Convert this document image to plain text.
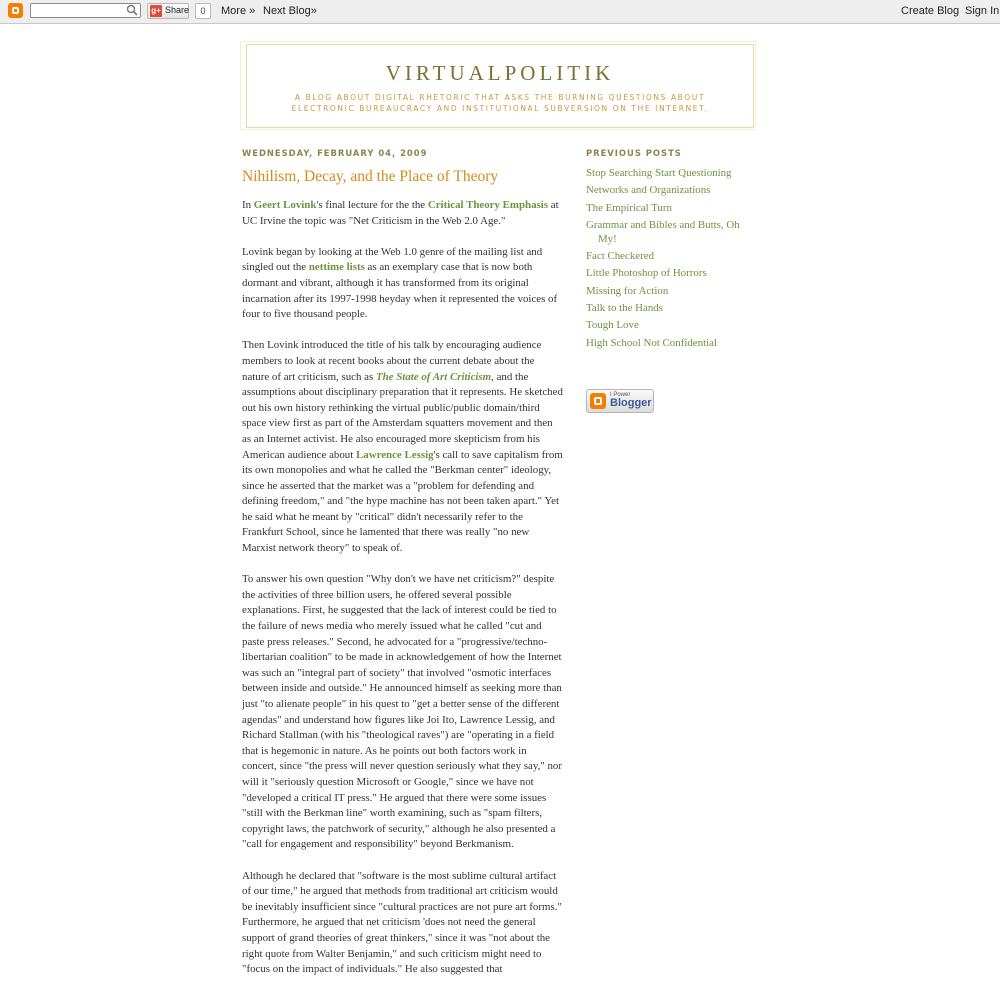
g+ Share	0	More » Next Blog»	Create Blog Sign In
VIRTUALPOLITIK
A BLOG ABOUT DIGITAL RHETORIC THAT ASKS THE BURNING QUESTIONS ABOUT ELECTRONIC BUREAUCRACY AND INSTITUTIONAL SUBVERSION ON THE INTERNET.
WEDNESDAY, FEBRUARY 04, 2009
Nihilism, Decay, and the Place of Theory

In Geert Lovink's final lecture for the the Critical Theory Emphasis at UC Irvine the topic was "Net Criticism in the Web 2.0 Age."

Lovink began by looking at the Web 1.0 genre of the mailing list and singled out the nettime lists as an exemplary case that is now both dormant and vibrant, although it has transformed from its original incarnation after its 1997-1998 heyday when it represented the voices of four to five thousand people.

Then Lovink introduced the title of his talk by encouraging audience members to look at recent books about the current debate about the nature of art criticism, such as The State of Art Criticism, and the assumptions about disciplinary preparation that it represents. He sketched out his own history rethinking the virtual public/public domain/third space view first as part of the Amsterdam squatters movement and then as an Internet activist. He also encouraged more skepticism from his American audience about Lawrence Lessig's call to save capitalism from its own monopolies and what he called the "Berkman center" ideology, since he asserted that the market was a "problem for defending and defining freedom," and "the hype machine has not been taken apart." Yet he said what he meant by "critical" didn't necessarily refer to the Frankfurt School, since he lamented that there was really "no new Marxist network theory" to speak of.

To answer his own question "Why don't we have net criticism?" despite the activities of three billion users, he offered several possible explanations. First, he suggested that the lack of interest could be tied to the failure of news media who merely issued what he called "cut and paste press releases." Second, he advocated for a "progressive/techno-libertarian coalition" to be made in acknowledgement of how the Internet was such an "integral part of society" that involved "osmotic interfaces between inside and outside." He announced himself as seeking more than just "to alienate people" in his quest to "get a better sense of the different agendas" and understand how figures like Joi Ito, Lawrence Lessig, and Richard Stallman (with his "theological raves") are "operating in a field that is hegemonic in nature. As he points out both factors work in concert, since "the press will never question seriously what they say," nor will it "seriously question Microsoft or Google," since we have not "developed a critical IT press." He argued that there were some issues "still with the Berkman line" worth examining, such as "spam filters, copyright laws, the patchwork of security," although he also presented a "call for engagement and responsibility" beyond Berkmanism.

Although he declared that "software is the most sublime cultural artifact of our time," he argued that methods from traditional art criticism would be inevitably insufficient since "cultural practices are not pure art forms." Furthermore, he argued that net criticism 'does not need the general support of grand theories of great thinkers," since it was "not about the right quote from Walter Benjamin," and such criticism might need to "focus on the impact of individuals." He also suggested that

PREVIOUS POSTS
Stop Searching Start Questioning
Networks and Organizations
The Empirical Turn
Grammar and Bibles and Butts, Oh My!
Fact Checkered
Little Photoshop of Horrors
Missing for Action
Talk to the Hands
Tough Love
High School Not Confidential
I Power
Blogger
